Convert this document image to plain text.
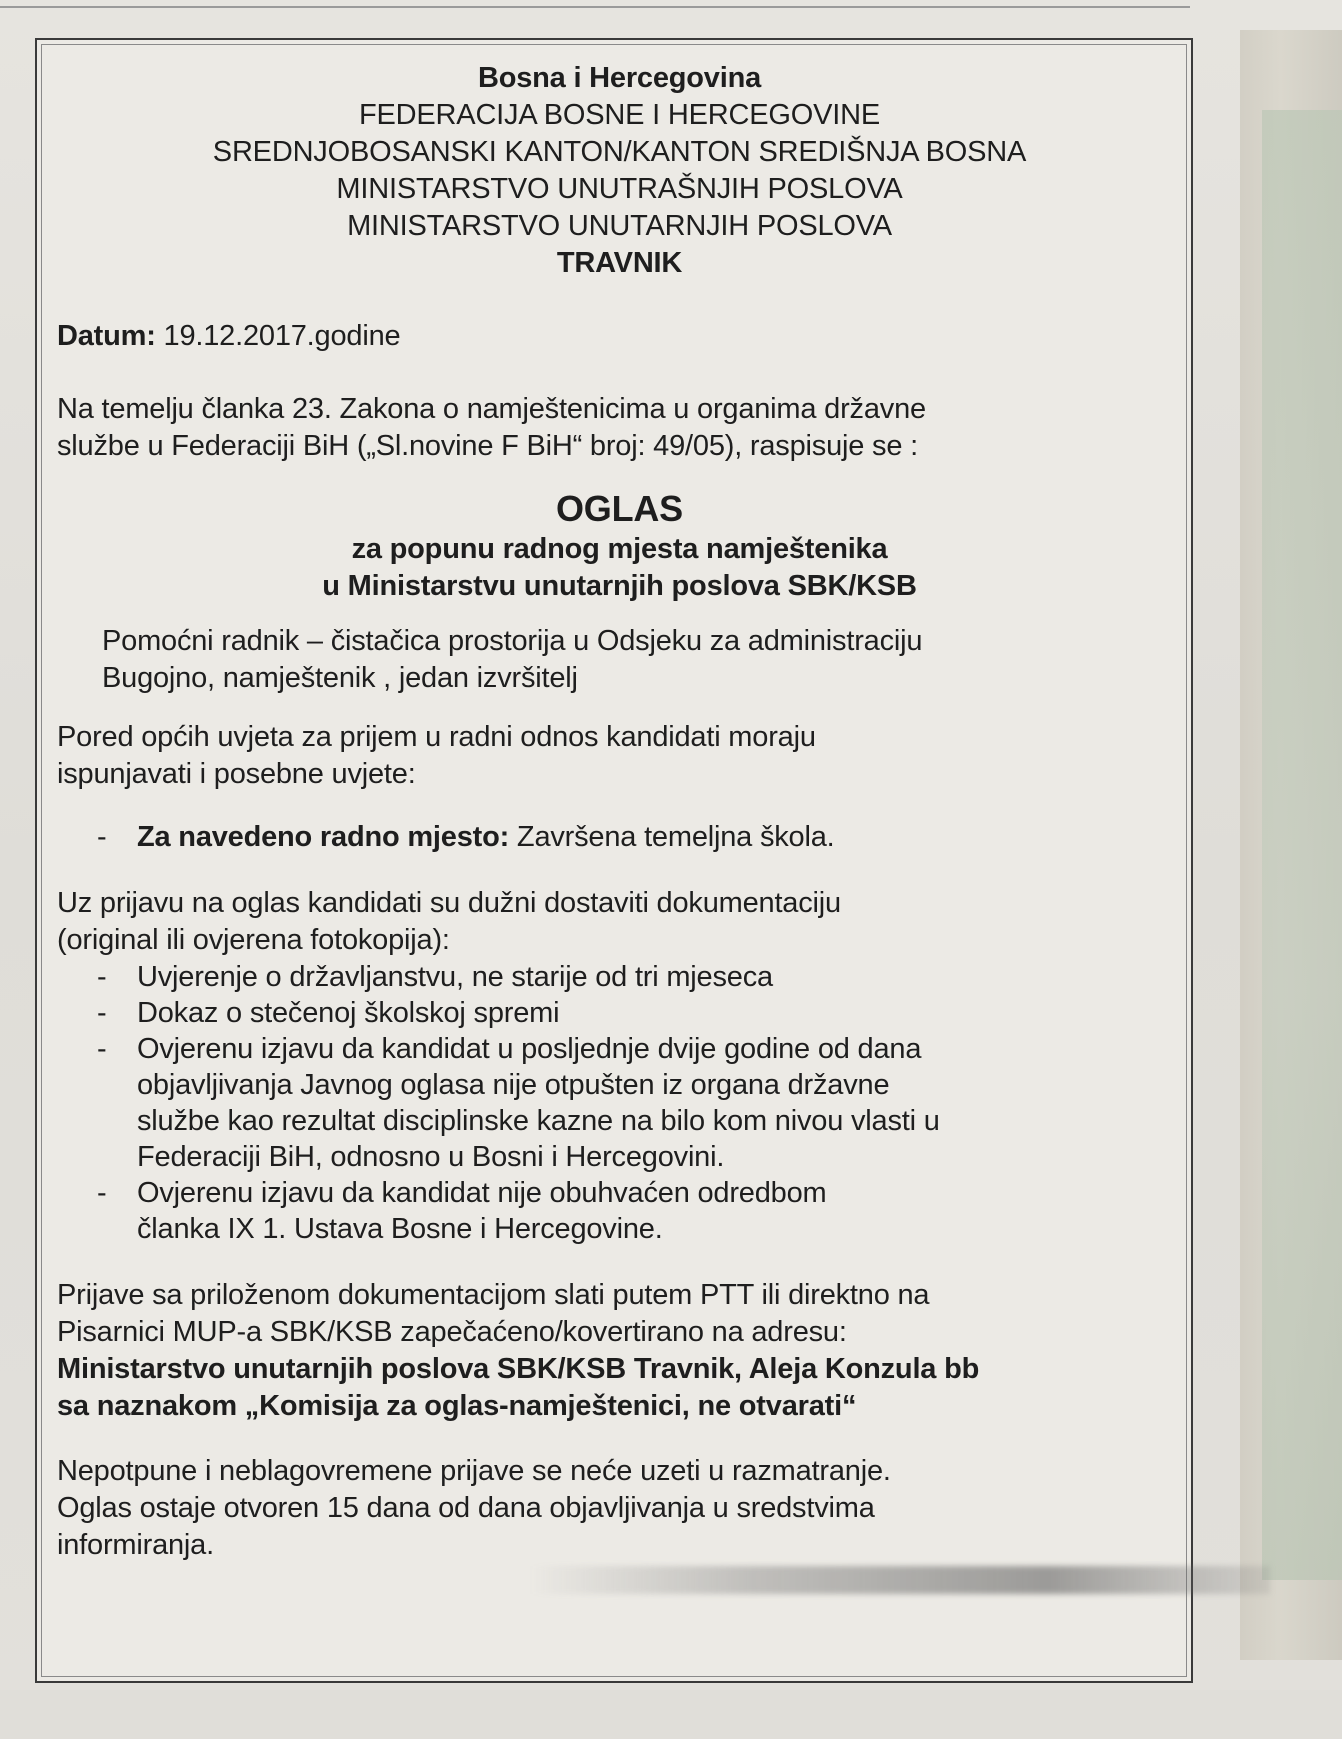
Bosna i Hercegovina
FEDERACIJA BOSNE I HERCEGOVINE
SREDNJOBOSANSKI KANTON/KANTON SREDIŠNJA BOSNA
MINISTARSTVO UNUTRAŠNJIH POSLOVA
MINISTARSTVO UNUTARNJIH POSLOVA
TRAVNIK
Datum: 19.12.2017.godine
Na temelju članka 23. Zakona o namještenicima u organima državne
službe u Federaciji BiH („Sl.novine F BiH“ broj: 49/05), raspisuje se :
OGLAS
za popunu radnog mjesta namještenika
u Ministarstvu unutarnjih poslova SBK/KSB
Pomoćni radnik – čistačica prostorija u Odsjeku za administraciju
Bugojno, namještenik , jedan izvršitelj
Pored općih uvjeta za prijem u radni odnos kandidati moraju
ispunjavati i posebne uvjete:
- Za navedeno radno mjesto: Završena temeljna škola.
Uz prijavu na oglas kandidati su dužni dostaviti dokumentaciju
(original ili ovjerena fotokopija):
- Uvjerenje o državljanstvu, ne starije od tri mjeseca
- Dokaz o stečenoj školskoj spremi
- Ovjerenu izjavu da kandidat u posljednje dvije godine od dana
objavljivanja Javnog oglasa nije otpušten iz organa državne
službe kao rezultat disciplinske kazne na bilo kom nivou vlasti u
Federaciji BiH, odnosno u Bosni i Hercegovini.
- Ovjerenu izjavu da kandidat nije obuhvaćen odredbom
članka IX 1. Ustava Bosne i Hercegovine.
Prijave sa priloženom dokumentacijom slati putem PTT ili direktno na
Pisarnici MUP-a SBK/KSB zapečaćeno/kovertirano na adresu:
Ministarstvo unutarnjih poslova SBK/KSB Travnik, Aleja Konzula bb
sa naznakom „Komisija za oglas-namještenici, ne otvarati“
Nepotpune i neblagovremene prijave se neće uzeti u razmatranje.
Oglas ostaje otvoren 15 dana od dana objavljivanja u sredstvima
informiranja.
